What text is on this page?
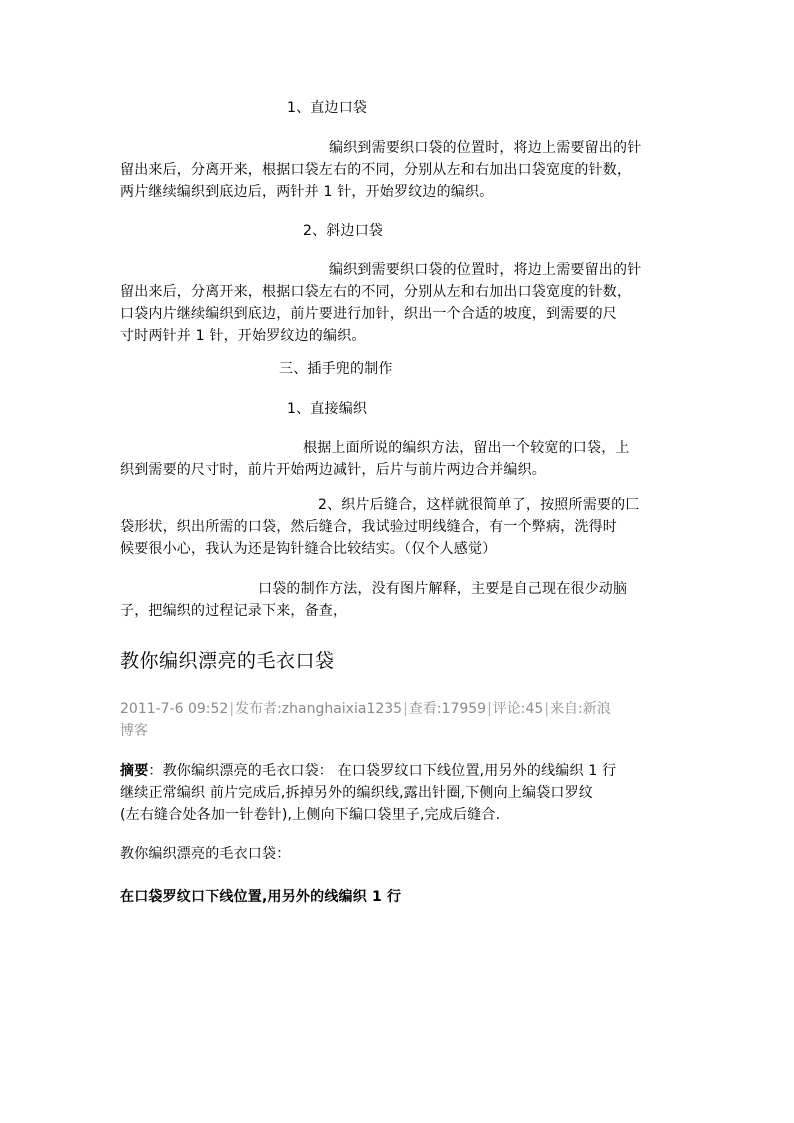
1、直边口袋
编织到需要织口袋的位置时，将边上需要留出的针
留出来后，分离开来，根据口袋左右的不同，分别从左和右加出口袋宽度的针数，
两片继续编织到底边后，两针并 1 针，开始罗纹边的编织。
2、斜边口袋
编织到需要织口袋的位置时，将边上需要留出的针
留出来后，分离开来，根据口袋左右的不同，分别从左和右加出口袋宽度的针数，
口袋内片继续编织到底边，前片要进行加针，织出一个合适的坡度，到需要的尺
寸时两针并 1 针，开始罗纹边的编织。
三、插手兜的制作
1、直接编织
根据上面所说的编织方法，留出一个较宽的口袋，上
织到需要的尺寸时，前片开始两边减针，后片与前片两边合并编织。
2、织片后缝合，这样就很简单了，按照所需要的匚
袋形状，织出所需的口袋，然后缝合，我试验过明线缝合，有一个弊病，洗得时
候要很小心，我认为还是钩针缝合比较结实。（仅个人感觉）
口袋的制作方法，没有图片解释，主要是自己现在很少动脑
子，把编织的过程记录下来，备查，
教你编织漂亮的毛衣口袋
2011-7-6 09:52|发布者:zhanghaixia1235|查看:17959|评论:45|来自:新浪
博客
摘要：教你编织漂亮的毛衣口袋： 在口袋罗纹口下线位置,用另外的线编织 1 行
继续正常编织 前片完成后,拆掉另外的编织线,露出针圈,下侧向上编袋口罗纹
(左右缝合处各加一针卷针),上侧向下编口袋里子,完成后缝合.
教你编织漂亮的毛衣口袋：
在口袋罗纹口下线位置,用另外的线编织 1 行
